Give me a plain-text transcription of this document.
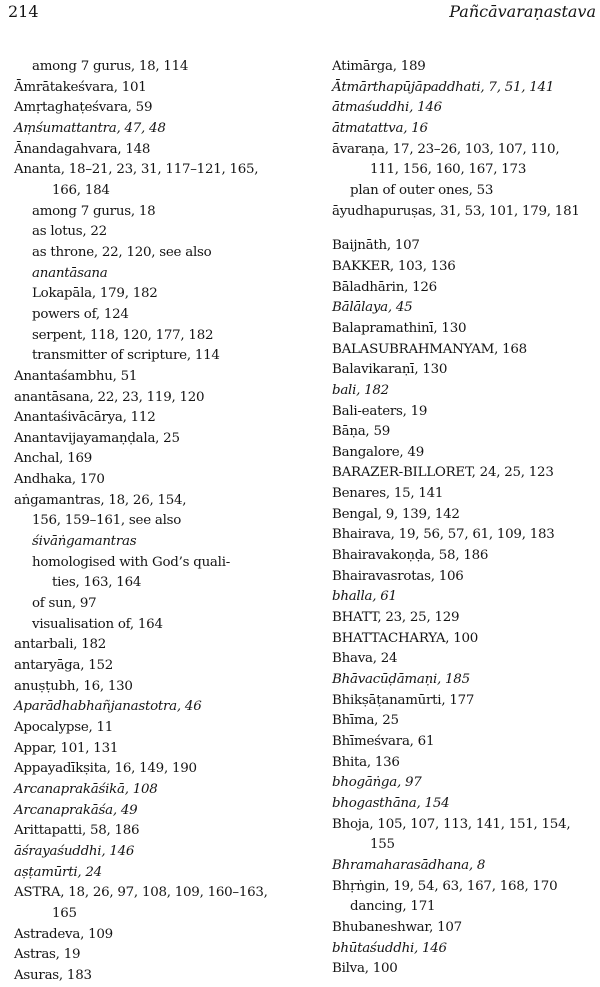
214	Pañcāvaraṇastava
among 7 gurus, 18, 114
Āmrātakeśvara, 101
Amṛtaghaṭeśvara, 59
Aṃśumattantra, 47, 48
Ānandagahvara, 148
Ananta, 18–21, 23, 31, 117–121, 165,
166, 184
among 7 gurus, 18
as lotus, 22
as throne, 22, 120, see also
anantāsana
Lokapāla, 179, 182
powers of, 124
serpent, 118, 120, 177, 182
transmitter of scripture, 114
Anantaśambhu, 51
anantāsana, 22, 23, 119, 120
Anantaśivācārya, 112
Anantavijayamaṇḍala, 25
Anchal, 169
Andhaka, 170
aṅgamantras, 18, 26, 154,
156, 159–161, see also
śivāṅgamantras
homologised with God’s quali-
ties, 163, 164
of sun, 97
visualisation of, 164
antarbali, 182
antaryāga, 152
anuṣṭubh, 16, 130
Aparādhabhañjanastotra, 46
Apocalypse, 11
Appar, 101, 131
Appayadīkṣita, 16, 149, 190
Arcanaprakāśikā, 108
Arcanaprakāśa, 49
Arittapatti, 58, 186
āśrayaśuddhi, 146
aṣṭamūrti, 24
ASTRA, 18, 26, 97, 108, 109, 160–163,
165
Astradeva, 109
Astras, 19
Asuras, 183
Atimārga, 189
Ātmārthapūjāpaddhati, 7, 51, 141
ātmaśuddhi, 146
ātmatattva, 16
āvaraṇa, 17, 23–26, 103, 107, 110,
111, 156, 160, 167, 173
plan of outer ones, 53
āyudhapuruṣas, 31, 53, 101, 179, 181
Baijnāth, 107
BAKKER, 103, 136
Bāladhārin, 126
Bālālaya, 45
Balapramathinī, 130
BALASUBRAHMANYAM, 168
Balavikaraṇī, 130
bali, 182
Bali-eaters, 19
Bāṇa, 59
Bangalore, 49
BARAZER-BILLORET, 24, 25, 123
Benares, 15, 141
Bengal, 9, 139, 142
Bhairava, 19, 56, 57, 61, 109, 183
Bhairavakoṇḍa, 58, 186
Bhairavasrotas, 106
bhalla, 61
BHATT, 23, 25, 129
BHATTACHARYA, 100
Bhava, 24
Bhāvacūḍāmaṇi, 185
Bhikṣāṭanamūrti, 177
Bhīma, 25
Bhīmeśvara, 61
Bhita, 136
bhogāṅga, 97
bhogasthāna, 154
Bhoja, 105, 107, 113, 141, 151, 154,
155
Bhramaharasādhana, 8
Bhṛṅgin, 19, 54, 63, 167, 168, 170
dancing, 171
Bhubaneshwar, 107
bhūtaśuddhi, 146
Bilva, 100
